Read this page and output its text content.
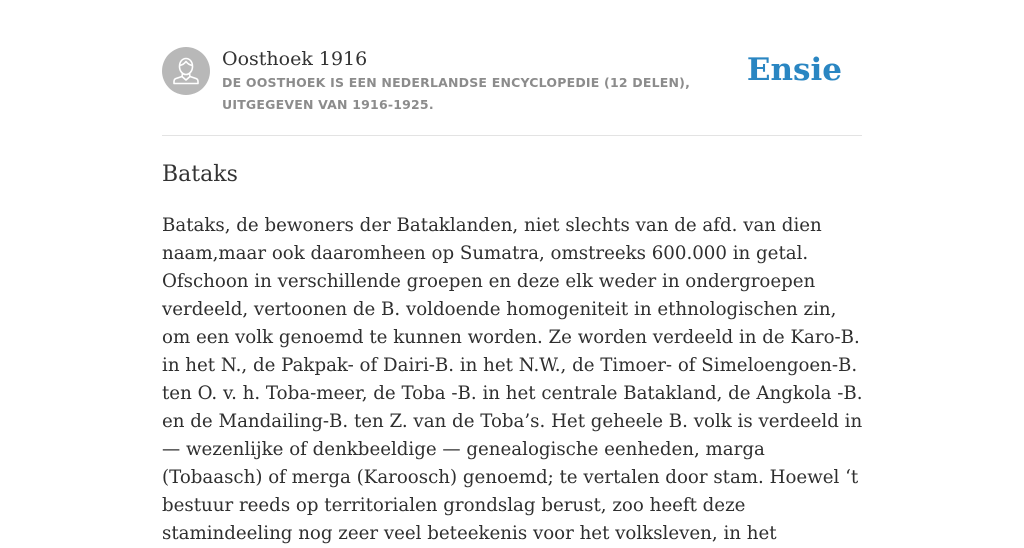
Oosthoek 1916
DE OOSTHOEK IS EEN NEDERLANDSE ENCYCLOPEDIE (12 DELEN), UITGEGEVEN VAN 1916-1925.
Ensie
Bataks

Bataks, de bewoners der Bataklanden, niet slechts van de afd. van dien naam,maar ook daaromheen op Sumatra, omstreeks 600.000 in getal. Ofschoon in verschillende groepen en deze elk weder in ondergroepen verdeeld, vertoonen de B. voldoende homogeniteit in ethnologischen zin, om een volk genoemd te kunnen worden. Ze worden verdeeld in de Karo-B. in het N., de Pakpak- of Dairi-B. in het N.W., de Timoer- of Simeloengoen-B. ten O. v. h. Toba-meer, de Toba -B. in het centrale Batakland, de Angkola -B. en de Mandailing-B. ten Z. van de Toba’s. Het geheele B. volk is verdeeld in — wezenlijke of denkbeeldige — genealogische eenheden, marga (Tobaasch) of merga (Karoosch) genoemd; te vertalen door stam. Hoewel ‘t bestuur reeds op territorialen grondslag berust, zoo heeft deze stamindeeling nog zeer veel beteekenis voor het volksleven, in het
